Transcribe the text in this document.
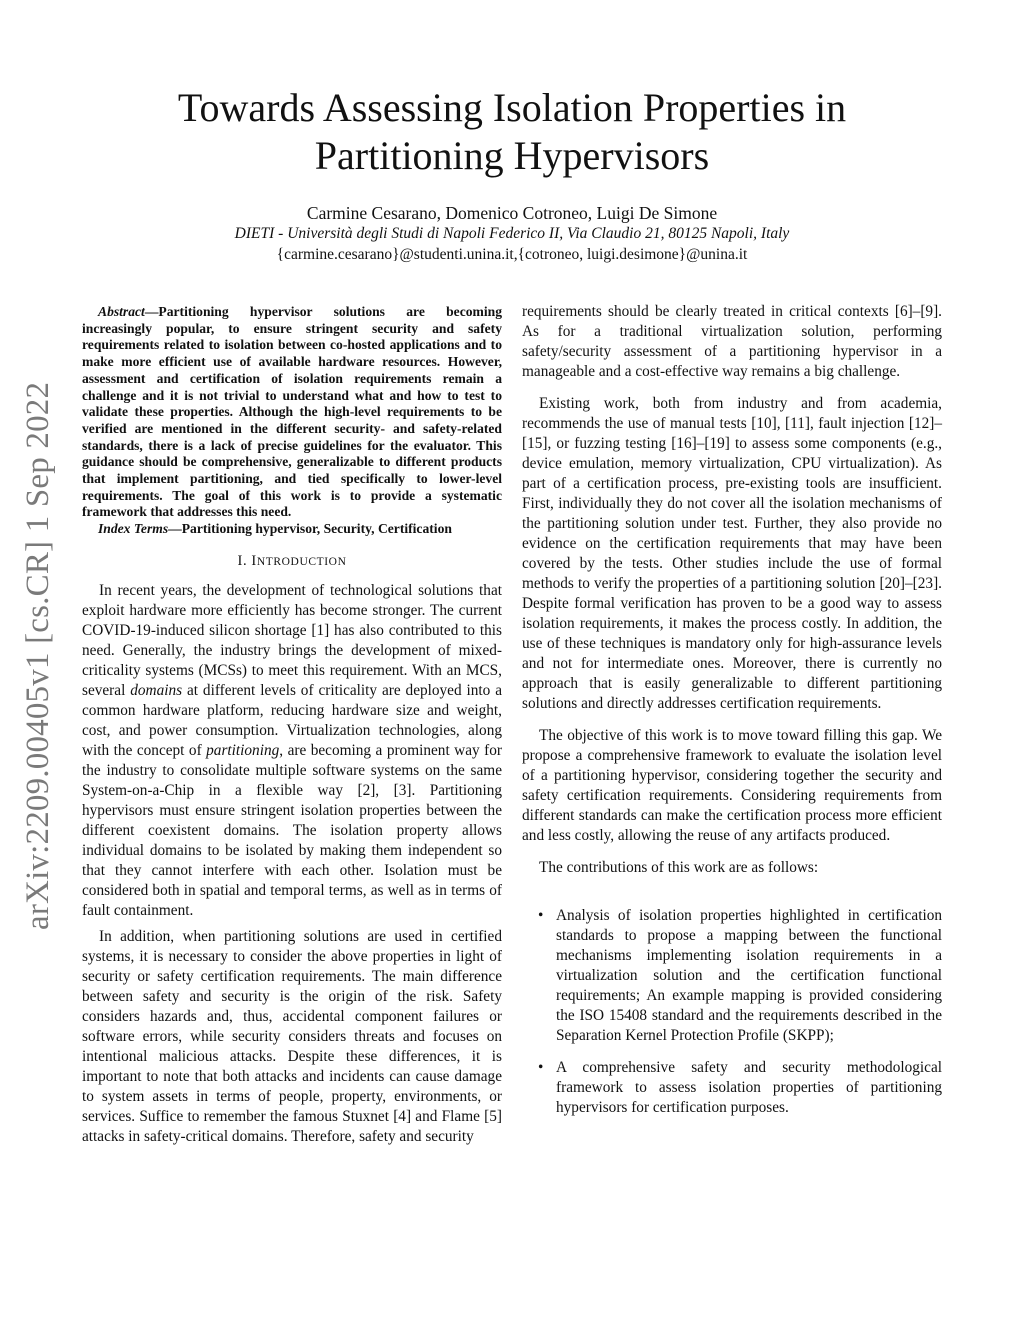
arXiv:2209.00405v1 [cs.CR] 1 Sep 2022
Towards Assessing Isolation Properties in
Partitioning Hypervisors
Carmine Cesarano, Domenico Cotroneo, Luigi De Simone
DIETI - Università degli Studi di Napoli Federico II, Via Claudio 21, 80125 Napoli, Italy
{carmine.cesarano}@studenti.unina.it,{cotroneo, luigi.desimone}@unina.it

Abstract—Partitioning hypervisor solutions are becoming increasingly popular, to ensure stringent security and safety requirements related to isolation between co-hosted applications and to make more efficient use of available hardware resources. However, assessment and certification of isolation requirements remain a challenge and it is not trivial to understand what and how to test to validate these properties. Although the high-level requirements to be verified are mentioned in the different security- and safety-related standards, there is a lack of precise guidelines for the evaluator. This guidance should be comprehensive, generalizable to different products that implement partitioning, and tied specifically to lower-level requirements. The goal of this work is to provide a systematic framework that addresses this need.

Index Terms—Partitioning hypervisor, Security, Certification

I. INTRODUCTION

In recent years, the development of technological solutions that exploit hardware more efficiently has become stronger. The current COVID-19-induced silicon shortage [1] has also contributed to this need. Generally, the industry brings the development of mixed-criticality systems (MCSs) to meet this requirement. With an MCS, several domains at different levels of criticality are deployed into a common hardware platform, reducing hardware size and weight, cost, and power consumption. Virtualization technologies, along with the concept of partitioning, are becoming a prominent way for the industry to consolidate multiple software systems on the same System-on-a-Chip in a flexible way [2], [3]. Partitioning hypervisors must ensure stringent isolation properties between the different coexistent domains. The isolation property allows individual domains to be isolated by making them independent so that they cannot interfere with each other. Isolation must be considered both in spatial and temporal terms, as well as in terms of fault containment.

In addition, when partitioning solutions are used in certified systems, it is necessary to consider the above properties in light of security or safety certification requirements. The main difference between safety and security is the origin of the risk. Safety considers hazards and, thus, accidental component failures or software errors, while security considers threats and focuses on intentional malicious attacks. Despite these differences, it is important to note that both attacks and incidents can cause damage to system assets in terms of people, property, environments, or services. Suffice to remember the famous Stuxnet [4] and Flame [5] attacks in safety-critical domains. Therefore, safety and security

requirements should be clearly treated in critical contexts [6]–[9]. As for a traditional virtualization solution, performing safety/security assessment of a partitioning hypervisor in a manageable and a cost-effective way remains a big challenge.

Existing work, both from industry and from academia, recommends the use of manual tests [10], [11], fault injection [12]–[15], or fuzzing testing [16]–[19] to assess some components (e.g., device emulation, memory virtualization, CPU virtualization). As part of a certification process, pre-existing tools are insufficient. First, individually they do not cover all the isolation mechanisms of the partitioning solution under test. Further, they also provide no evidence on the certification requirements that may have been covered by the tests. Other studies include the use of formal methods to verify the properties of a partitioning solution [20]–[23]. Despite formal verification has proven to be a good way to assess isolation requirements, it makes the process costly. In addition, the use of these techniques is mandatory only for high-assurance levels and not for intermediate ones. Moreover, there is currently no approach that is easily generalizable to different partitioning solutions and directly addresses certification requirements.

The objective of this work is to move toward filling this gap. We propose a comprehensive framework to evaluate the isolation level of a partitioning hypervisor, considering together the security and safety certification requirements. Considering requirements from different standards can make the certification process more efficient and less costly, allowing the reuse of any artifacts produced.

The contributions of this work are as follows:

• Analysis of isolation properties highlighted in certification standards to propose a mapping between the functional mechanisms implementing isolation requirements in a virtualization solution and the certification functional requirements; An example mapping is provided considering the ISO 15408 standard and the requirements described in the Separation Kernel Protection Profile (SKPP);
• A comprehensive safety and security methodological framework to assess isolation properties of partitioning hypervisors for certification purposes.
